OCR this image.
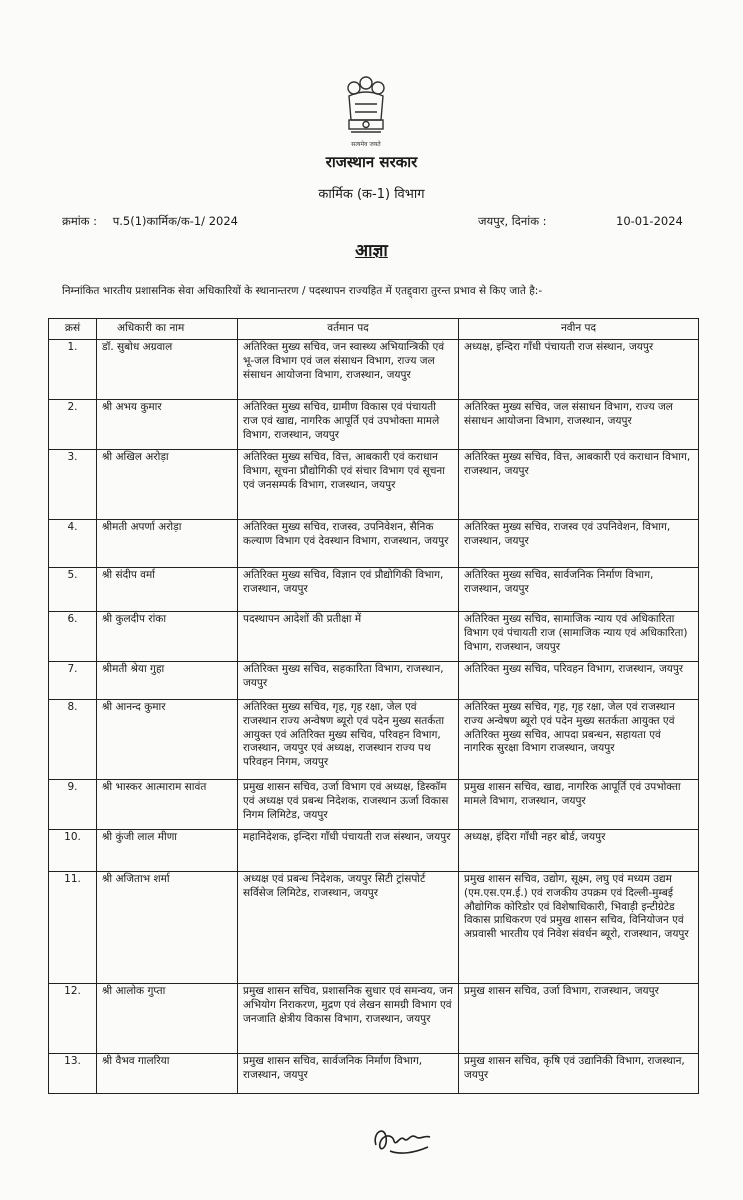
सत्यमेव जयते
राजस्थान सरकार
कार्मिक (क-1) विभाग
क्रमांक : प.5(1)कार्मिक/क-1/ 2024	जयपुर, दिनांक :	10-01-2024
आज्ञा
निम्नांकित भारतीय प्रशासनिक सेवा अधिकारियों के स्थानान्तरण / पदस्थापन राज्यहित में एतद्द्वारा तुरन्त प्रभाव से किए जाते है:-
क्रसं	अधिकारी का नाम	वर्तमान पद	नवीन पद
1.	डॉ. सुबोध अग्रवाल	अतिरिक्त मुख्य सचिव, जन स्वास्थ्य अभियान्त्रिकी एवं भू-जल विभाग एवं जल संसाधन विभाग, राज्य जल संसाधन आयोजना विभाग, राजस्थान, जयपुर	अध्यक्ष, इन्दिरा गाँधी पंचायती राज संस्थान, जयपुर
2.	श्री अभय कुमार	अतिरिक्त मुख्य सचिव, ग्रामीण विकास एवं पंचायती राज एवं खाद्य, नागरिक आपूर्ति एवं उपभोक्ता मामले विभाग, राजस्थान, जयपुर	अतिरिक्त मुख्य सचिव, जल संसाधन विभाग, राज्य जल संसाधन आयोजना विभाग, राजस्थान, जयपुर
3.	श्री अखिल अरोड़ा	अतिरिक्त मुख्य सचिव, वित्त, आबकारी एवं कराधान विभाग, सूचना प्रौद्योगिकी एवं संचार विभाग एवं सूचना एवं जनसम्पर्क विभाग, राजस्थान, जयपुर	अतिरिक्त मुख्य सचिव, वित्त, आबकारी एवं कराधान विभाग, राजस्थान, जयपुर
4.	श्रीमती अपर्णा अरोड़ा	अतिरिक्त मुख्य सचिव, राजस्व, उपनिवेशन, सैनिक कल्याण विभाग एवं देवस्थान विभाग, राजस्थान, जयपुर	अतिरिक्त मुख्य सचिव, राजस्व एवं उपनिवेशन, विभाग, राजस्थान, जयपुर
5.	श्री संदीप वर्मा	अतिरिक्त मुख्य सचिव, विज्ञान एवं प्रौद्योगिकी विभाग, राजस्थान, जयपुर	अतिरिक्त मुख्य सचिव, सार्वजनिक निर्माण विभाग, राजस्थान, जयपुर
6.	श्री कुलदीप रांका	पदस्थापन आदेशों की प्रतीक्षा में	अतिरिक्त मुख्य सचिव, सामाजिक न्याय एवं अधिकारिता विभाग एवं पंचायती राज (सामाजिक न्याय एवं अधिकारिता) विभाग, राजस्थान, जयपुर
7.	श्रीमती श्रेया गुहा	अतिरिक्त मुख्य सचिव, सहकारिता विभाग, राजस्थान, जयपुर	अतिरिक्त मुख्य सचिव, परिवहन विभाग, राजस्थान, जयपुर
8.	श्री आनन्द कुमार	अतिरिक्त मुख्य सचिव, गृह, गृह रक्षा, जेल एवं राजस्थान राज्य अन्वेषण ब्यूरो एवं पदेन मुख्य सतर्कता आयुक्त एवं अतिरिक्त मुख्य सचिव, परिवहन विभाग, राजस्थान, जयपुर एवं अध्यक्ष, राजस्थान राज्य पथ परिवहन निगम, जयपुर	अतिरिक्त मुख्य सचिव, गृह, गृह रक्षा, जेल एवं राजस्थान राज्य अन्वेषण ब्यूरो एवं पदेन मुख्य सतर्कता आयुक्त एवं अतिरिक्त मुख्य सचिव, आपदा प्रबन्धन, सहायता एवं नागरिक सुरक्षा विभाग राजस्थान, जयपुर
9.	श्री भास्कर आत्माराम सावंत	प्रमुख शासन सचिव, उर्जा विभाग एवं अध्यक्ष, डिस्कॉम एवं अध्यक्ष एवं प्रबन्ध निदेशक, राजस्थान ऊर्जा विकास निगम लिमिटेड, जयपुर	प्रमुख शासन सचिव, खाद्य, नागरिक आपूर्ति एवं उपभोक्ता मामले विभाग, राजस्थान, जयपुर
10.	श्री कुंजी लाल मीणा	महानिदेशक, इन्दिरा गाँधी पंचायती राज संस्थान, जयपुर	अध्यक्ष, इंदिरा गाँधी नहर बोर्ड, जयपुर
11.	श्री अजिताभ शर्मा	अध्यक्ष एवं प्रबन्ध निदेशक, जयपुर सिटी ट्रांसपोर्ट सर्विसेज लिमिटेड, राजस्थान, जयपुर	प्रमुख शासन सचिव, उद्योग, सूक्ष्म, लघु एवं मध्यम उद्यम (एम.एस.एम.ई.) एवं राजकीय उपक्रम एवं दिल्ली-मुम्बई औद्योगिक कोरिडोर एवं विशेषाधिकारी, भिवाड़ी इन्टीग्रेटेड विकास प्राधिकरण एवं प्रमुख शासन सचिव, विनियोजन एवं अप्रवासी भारतीय एवं निवेश संवर्धन ब्यूरो, राजस्थान, जयपुर
12.	श्री आलोक गुप्ता	प्रमुख शासन सचिव, प्रशासनिक सुधार एवं समन्वय, जन अभियोग निराकरण, मुद्रण एवं लेखन सामग्री विभाग एवं जनजाति क्षेत्रीय विकास विभाग, राजस्थान, जयपुर	प्रमुख शासन सचिव, उर्जा विभाग, राजस्थान, जयपुर
13.	श्री वैभव गालरिया	प्रमुख शासन सचिव, सार्वजनिक निर्माण विभाग, राजस्थान, जयपुर	प्रमुख शासन सचिव, कृषि एवं उद्यानिकी विभाग, राजस्थान, जयपुर
